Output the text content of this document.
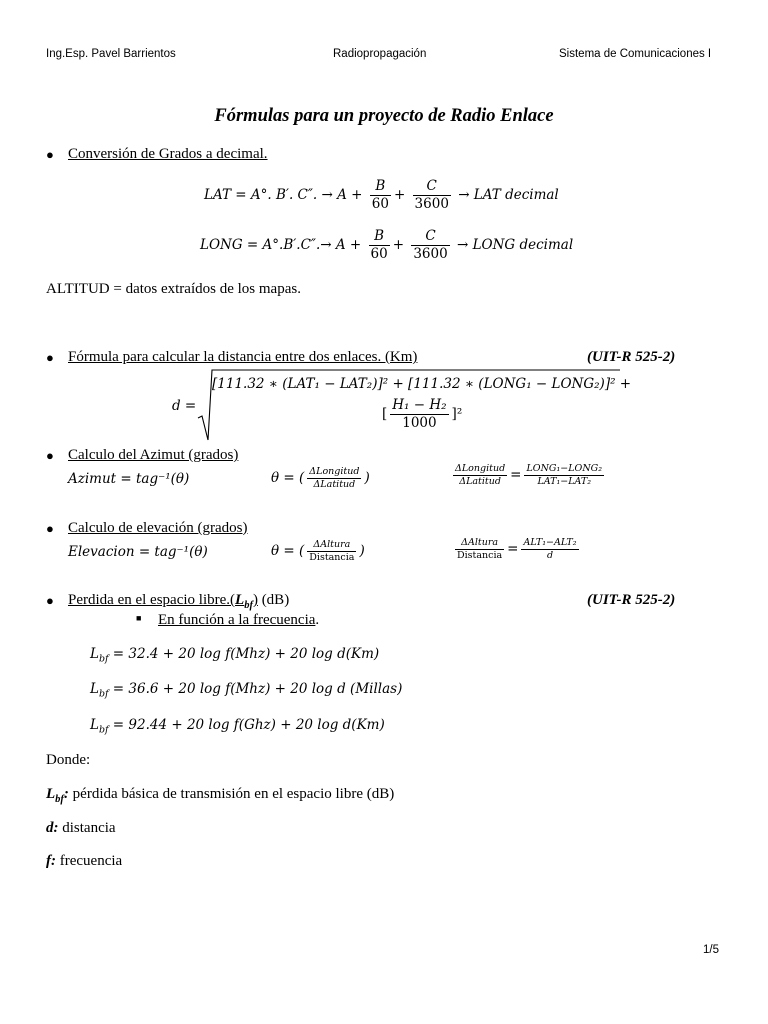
Ing.Esp. Pavel Barrientos	Radiopropagación	Sistema de Comunicaciones I
Fórmulas para un proyecto de Radio Enlace
● Conversión de Grados a decimal.
LAT = A°. B′. C″. → $A + \frac{B}{60} + \frac{C}{3600}$ → LAT decimal
LONG = $A^\circ.B'.C''.\to A + \frac{B}{60} + \frac{C}{3600}$ → LONG decimal
ALTITUD = datos extraídos de los mapas.
● Fórmula para calcular la distancia entre dos enlaces. (Km)	(UIT-R 525-2)
d =
[111.32 ∗ (LAT₁ − LAT₂)]² + [111.32 ∗ (LONG₁ − LONG₂)]² +
[ $\frac{\text{H₁ − H₂}}{1000} ]^2$
● Calculo del Azimut (grados)
Azimut = tag⁻¹(θ)	θ = ( $\frac{\text{ΔLongitud}}{\text{ΔLatitud}}$ )	$\frac{\text{ΔLongitud}}{\text{ΔLatitud}} = \frac{\text{LONG₁−LONG₂}}{\text{LAT₁−LAT₂}}$
● Calculo de elevación (grados)
Elevacion = tag⁻¹(θ)	θ = ( $\frac{\text{ΔAltura}}{\text{Distancia}}$ )	$\frac{\text{ΔAltura}}{\text{Distancia}} = \frac{\text{ALT₁−ALT₂}}{d}$
● Perdida en el espacio $libre.(L_{bf})$ (dB)	(UIT-R 525-2)
■ En función a la frecuencia.
$L_{bf} = 32.4 + 20$ log f(Mhz) + 20 log d(Km)
$L_{bf} = 36.6 + 20$ log f(Mhz) + 20 log d (Millas)
$L_{bf} = 92.44 + 20$ log f(Ghz) + 20 log d(Km)
Donde:
$L_{bf}$: pérdida básica de transmisión en el espacio libre (dB)
d: distancia
f: frecuencia
1/5
